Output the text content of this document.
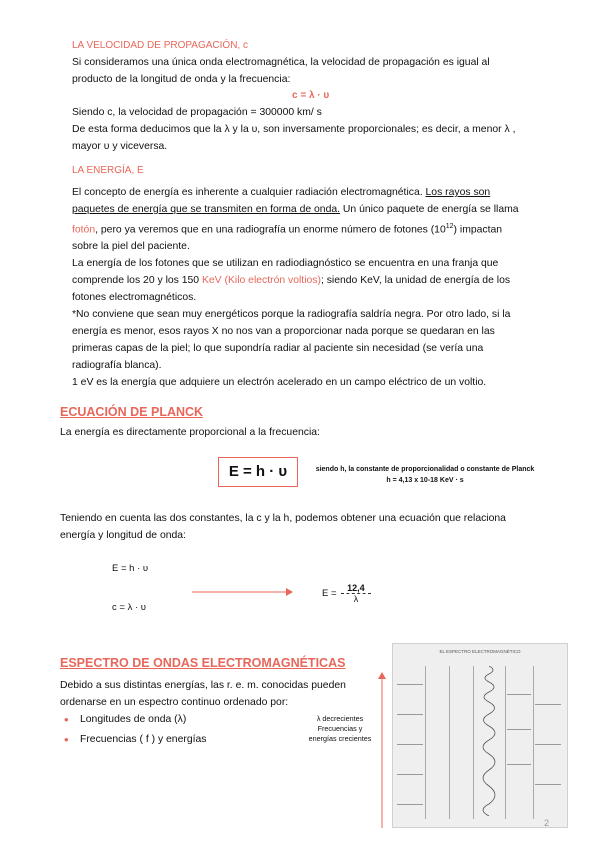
LA VELOCIDAD DE PROPAGACIÓN, c
Si consideramos una única onda electromagnética, la velocidad de propagación es igual al
producto de la longitud de onda y la frecuencia:
c = λ · υ
Siendo c, la velocidad de propagación = 300000 km/ s
De esta forma deducimos que la λ y la υ, son inversamente proporcionales; es decir, a menor λ ,
mayor υ y viceversa.
LA ENERGÍA, E
El concepto de energía es inherente a cualquier radiación electromagnética. Los rayos son
paquetes de energía que se transmiten en forma de onda. Un único paquete de energía se llama
fotón, pero ya veremos que en una radiografía un enorme número de fotones $(10^{12})$ impactan
sobre la piel del paciente.
La energía de los fotones que se utilizan en radiodiagnóstico se encuentra en una franja que
comprende los 20 y los 150 KeV (Kilo electrón voltios); siendo KeV, la unidad de energía de los
fotones electromagnéticos.
*No conviene que sean muy energéticos porque la radiografía saldría negra. Por otro lado, si la
energía es menor, esos rayos X no nos van a proporcionar nada porque se quedaran en las
primeras capas de la piel; lo que supondría radiar al paciente sin necesidad (se vería una
radiografía blanca).
1 eV es la energía que adquiere un electrón acelerado en un campo eléctrico de un voltio.
ECUACIÓN DE PLANCK
La energía es directamente proporcional a la frecuencia:
E = h · υ	siendo h, la constante de proporcionalidad o constante de Planck
h = 4,13 x 10-18 KeV · s
Teniendo en cuenta las dos constantes, la c y la h, podemos obtener una ecuación que relaciona
energía y longitud de onda:
E = h · υ
c = λ · υ
$E = \frac{12,4}{\lambda}$
ESPECTRO DE ONDAS ELECTROMAGNÉTICAS
Debido a sus distintas energías, las r. e. m. conocidas pueden
ordenarse en un espectro continuo ordenado por:
• Longitudes de onda (λ)
• Frecuencias ( f ) y energías
λ decrecientes
Frecuencias y
energías crecientes
EL ESPECTRO ELECTROMAGNÉTICO
2
